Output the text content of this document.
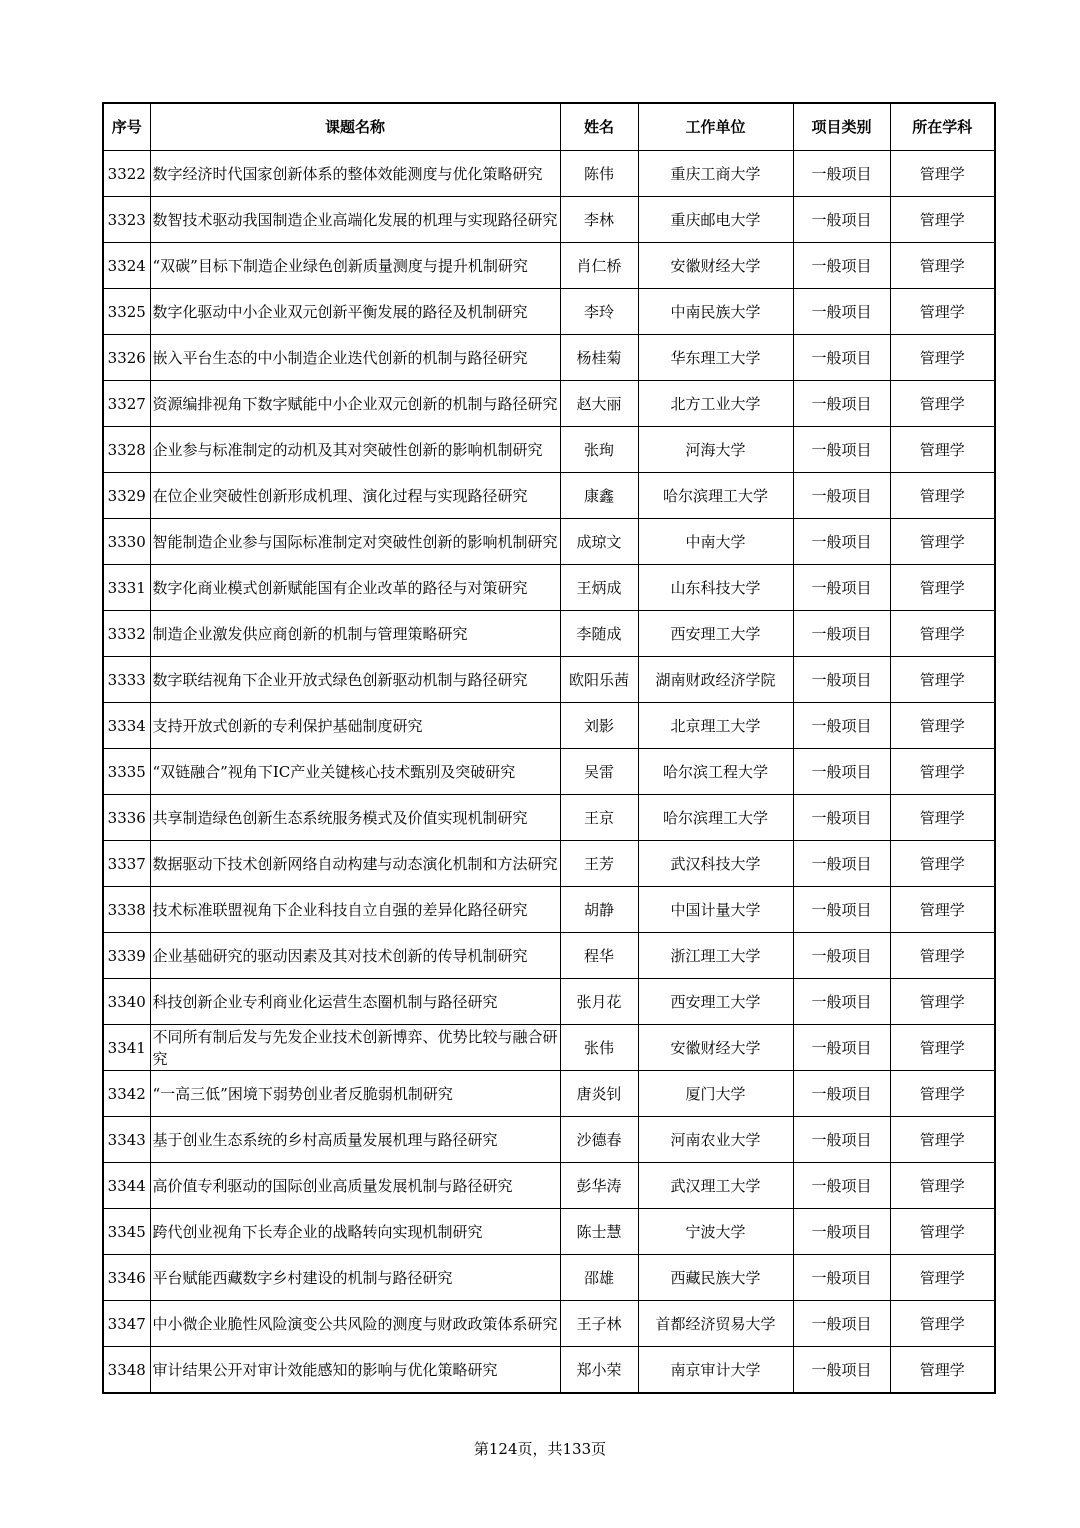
序号	课题名称	姓名	工作单位	项目类别	所在学科
3322	数字经济时代国家创新体系的整体效能测度与优化策略研究	陈伟	重庆工商大学	一般项目	管理学
3323	数智技术驱动我国制造企业高端化发展的机理与实现路径研究	李林	重庆邮电大学	一般项目	管理学
3324	“双碳”目标下制造企业绿色创新质量测度与提升机制研究	肖仁桥	安徽财经大学	一般项目	管理学
3325	数字化驱动中小企业双元创新平衡发展的路径及机制研究	李玲	中南民族大学	一般项目	管理学
3326	嵌入平台生态的中小制造企业迭代创新的机制与路径研究	杨桂菊	华东理工大学	一般项目	管理学
3327	资源编排视角下数字赋能中小企业双元创新的机制与路径研究	赵大丽	北方工业大学	一般项目	管理学
3328	企业参与标准制定的动机及其对突破性创新的影响机制研究	张珣	河海大学	一般项目	管理学
3329	在位企业突破性创新形成机理、演化过程与实现路径研究	康鑫	哈尔滨理工大学	一般项目	管理学
3330	智能制造企业参与国际标准制定对突破性创新的影响机制研究	成琼文	中南大学	一般项目	管理学
3331	数字化商业模式创新赋能国有企业改革的路径与对策研究	王炳成	山东科技大学	一般项目	管理学
3332	制造企业激发供应商创新的机制与管理策略研究	李随成	西安理工大学	一般项目	管理学
3333	数字联结视角下企业开放式绿色创新驱动机制与路径研究	欧阳乐茜	湖南财政经济学院	一般项目	管理学
3334	支持开放式创新的专利保护基础制度研究	刘影	北京理工大学	一般项目	管理学
3335	“双链融合”视角下IC产业关键核心技术甄别及突破研究	吴雷	哈尔滨工程大学	一般项目	管理学
3336	共享制造绿色创新生态系统服务模式及价值实现机制研究	王京	哈尔滨理工大学	一般项目	管理学
3337	数据驱动下技术创新网络自动构建与动态演化机制和方法研究	王芳	武汉科技大学	一般项目	管理学
3338	技术标准联盟视角下企业科技自立自强的差异化路径研究	胡静	中国计量大学	一般项目	管理学
3339	企业基础研究的驱动因素及其对技术创新的传导机制研究	程华	浙江理工大学	一般项目	管理学
3340	科技创新企业专利商业化运营生态圈机制与路径研究	张月花	西安理工大学	一般项目	管理学
3341	不同所有制后发与先发企业技术创新博弈、优势比较与融合研究	张伟	安徽财经大学	一般项目	管理学
3342	“一高三低”困境下弱势创业者反脆弱机制研究	唐炎钊	厦门大学	一般项目	管理学
3343	基于创业生态系统的乡村高质量发展机理与路径研究	沙德春	河南农业大学	一般项目	管理学
3344	高价值专利驱动的国际创业高质量发展机制与路径研究	彭华涛	武汉理工大学	一般项目	管理学
3345	跨代创业视角下长寿企业的战略转向实现机制研究	陈士慧	宁波大学	一般项目	管理学
3346	平台赋能西藏数字乡村建设的机制与路径研究	邵雄	西藏民族大学	一般项目	管理学
3347	中小微企业脆性风险演变公共风险的测度与财政政策体系研究	王子林	首都经济贸易大学	一般项目	管理学
3348	审计结果公开对审计效能感知的影响与优化策略研究	郑小荣	南京审计大学	一般项目	管理学
第124页，共133页
